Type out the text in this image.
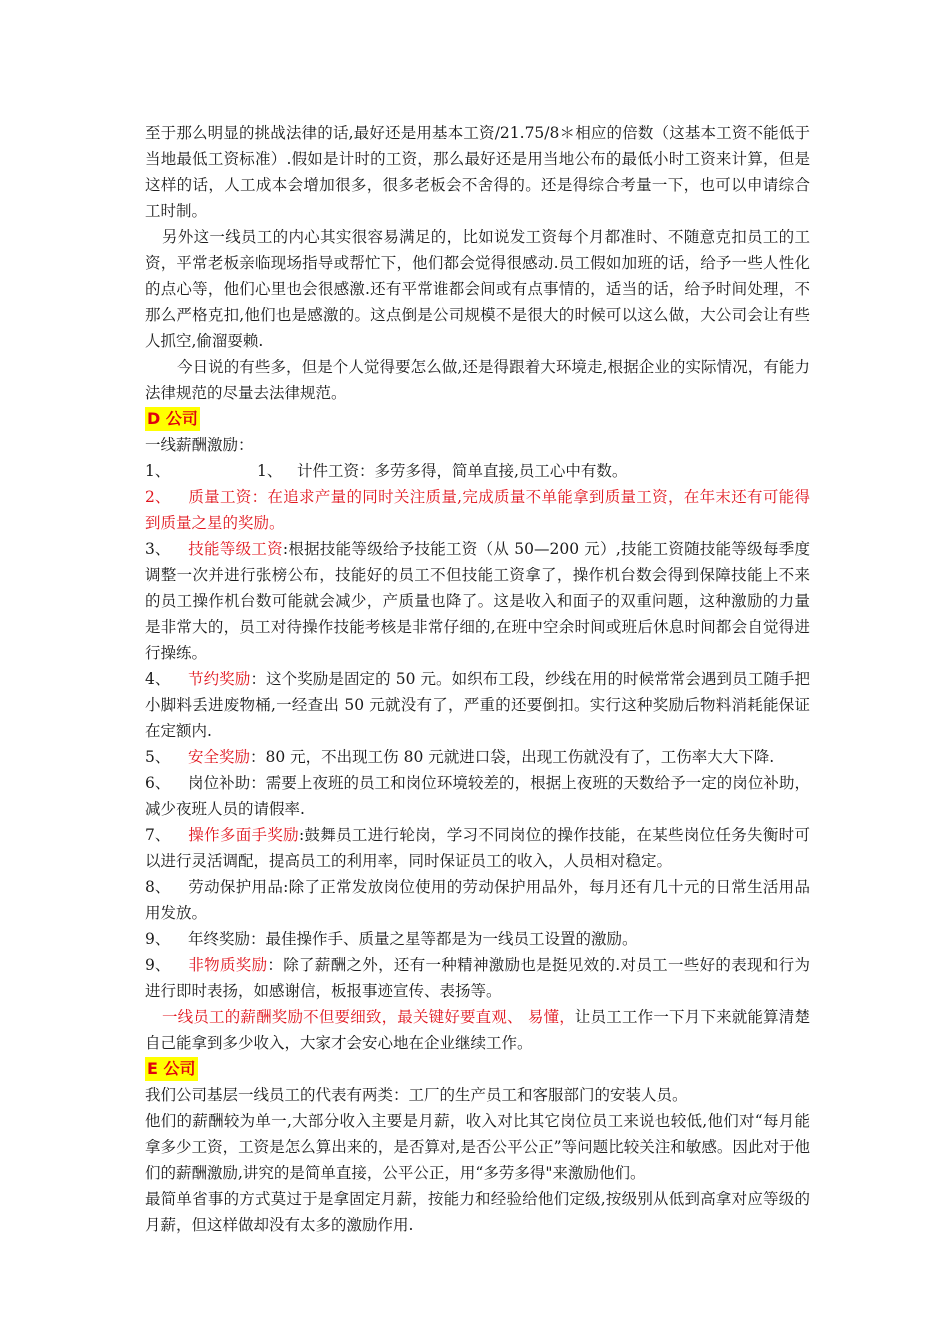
至于那么明显的挑战法律的话,最好还是用基本工资/21.75/8＊相应的倍数（这基本工资不能低于当地最低工资标准）.假如是计时的工资，那么最好还是用当地公布的最低小时工资来计算，但是这样的话，人工成本会增加很多，很多老板会不舍得的。还是得综合考量一下，也可以申请综合工时制。

另外这一线员工的内心其实很容易满足的，比如说发工资每个月都准时、不随意克扣员工的工资，平常老板亲临现场指导或帮忙下，他们都会觉得很感动.员工假如加班的话，给予一些人性化的点心等，他们心里也会很感激.还有平常谁都会间或有点事情的，适当的话，给予时间处理，不那么严格克扣,他们也是感激的。这点倒是公司规模不是很大的时候可以这么做，大公司会让有些人抓空,偷溜耍赖.

今日说的有些多，但是个人觉得要怎么做,还是得跟着大环境走,根据企业的实际情况，有能力法律规范的尽量去法律规范。

D 公司

一线薪酬激励：

1、	1、 计件工资：多劳多得，简单直接,员工心中有数。

2、 质量工资：在追求产量的同时关注质量,完成质量不单能拿到质量工资，在年末还有可能得到质量之星的奖励。

3、 技能等级工资:根据技能等级给予技能工资（从 50—200 元）,技能工资随技能等级每季度调整一次并进行张榜公布，技能好的员工不但技能工资拿了，操作机台数会得到保障技能上不来的员工操作机台数可能就会减少，产质量也降了。这是收入和面子的双重问题，这种激励的力量是非常大的，员工对待操作技能考核是非常仔细的,在班中空余时间或班后休息时间都会自觉得进行操练。

4、 节约奖励：这个奖励是固定的 50 元。如织布工段，纱线在用的时候常常会遇到员工随手把小脚料丢进废物桶,一经查出 50 元就没有了，严重的还要倒扣。实行这种奖励后物料消耗能保证在定额内.

5、 安全奖励：80 元，不出现工伤 80 元就进口袋，出现工伤就没有了，工伤率大大下降.

6、 岗位补助：需要上夜班的员工和岗位环境较差的，根据上夜班的天数给予一定的岗位补助，减少夜班人员的请假率.

7、 操作多面手奖励:鼓舞员工进行轮岗，学习不同岗位的操作技能，在某些岗位任务失衡时可以进行灵活调配，提高员工的利用率，同时保证员工的收入，人员相对稳定。

8、 劳动保护用品:除了正常发放岗位使用的劳动保护用品外，每月还有几十元的日常生活用品用发放。

9、 年终奖励：最佳操作手、质量之星等都是为一线员工设置的激励。

9、 非物质奖励：除了薪酬之外，还有一种精神激励也是挺见效的.对员工一些好的表现和行为进行即时表扬，如感谢信，板报事迹宣传、表扬等。

一线员工的薪酬奖励不但要细致，最关键好要直观、 易懂，让员工工作一下月下来就能算清楚自己能拿到多少收入，大家才会安心地在企业继续工作。

E 公司

我们公司基层一线员工的代表有两类：工厂的生产员工和客服部门的安装人员。

他们的薪酬较为单一,大部分收入主要是月薪，收入对比其它岗位员工来说也较低,他们对“每月能拿多少工资，工资是怎么算出来的，是否算对,是否公平公正”等问题比较关注和敏感。因此对于他们的薪酬激励,讲究的是简单直接，公平公正，用“多劳多得"来激励他们。

最简单省事的方式莫过于是拿固定月薪，按能力和经验给他们定级,按级别从低到高拿对应等级的月薪，但这样做却没有太多的激励作用.
